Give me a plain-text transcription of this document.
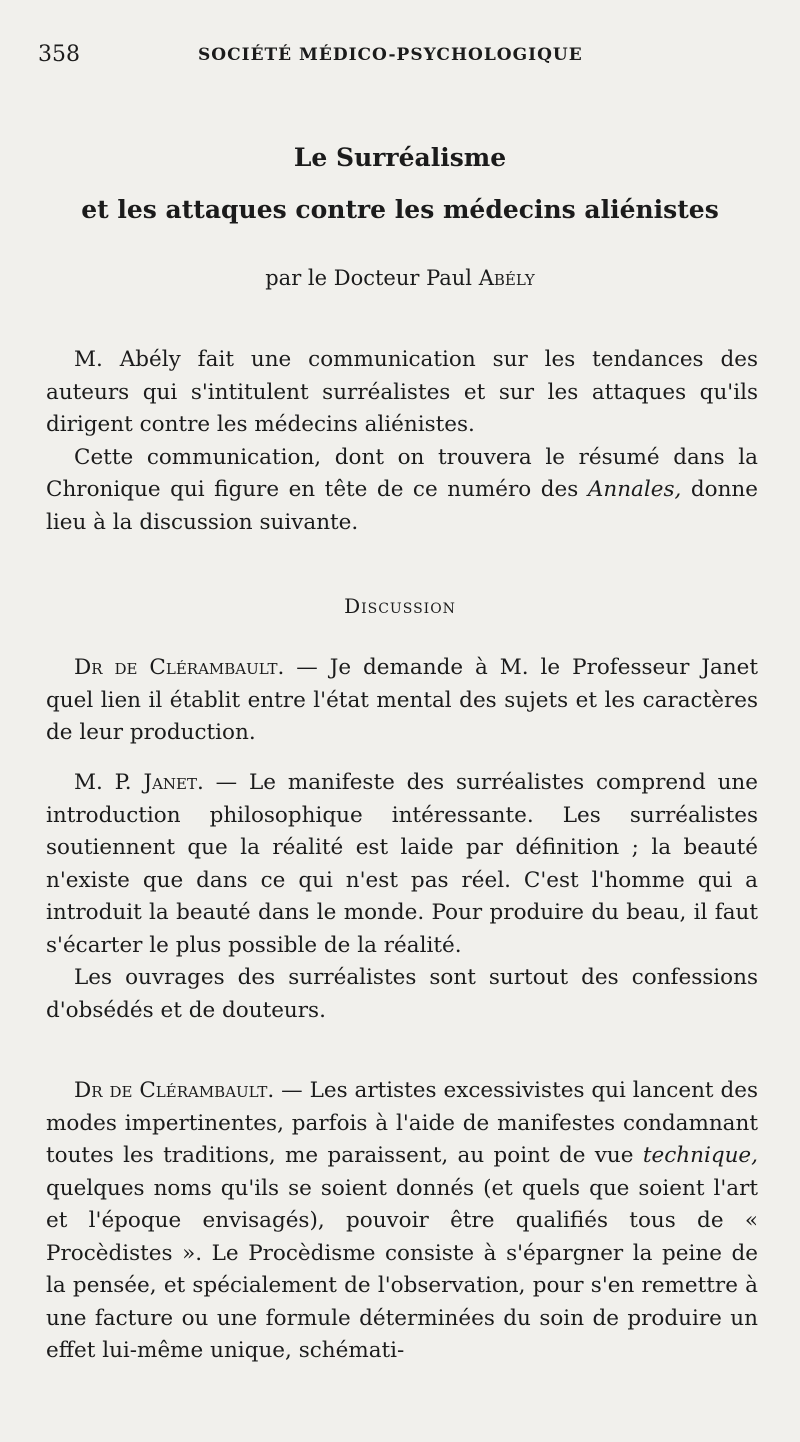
358	SOCIÉTÉ MÉDICO-PSYCHOLOGIQUE
Le Surréalisme
et les attaques contre les médecins aliénistes
par le Docteur Paul Abély

M. Abély fait une communication sur les tendances des auteurs qui s'intitulent surréalistes et sur les attaques qu'ils dirigent contre les médecins aliénistes.

Cette communication, dont on trouvera le résumé dans la Chronique qui figure en tête de ce numéro des Annales, donne lieu à la discussion suivante.

Discussion

Dr de Clérambault. — Je demande à M. le Professeur Janet quel lien il établit entre l'état mental des sujets et les caractères de leur production.

M. P. Janet. — Le manifeste des surréalistes comprend une introduction philosophique intéressante. Les surréalistes soutiennent que la réalité est laide par définition ; la beauté n'existe que dans ce qui n'est pas réel. C'est l'homme qui a introduit la beauté dans le monde. Pour produire du beau, il faut s'écarter le plus possible de la réalité.

Les ouvrages des surréalistes sont surtout des confessions d'obsédés et de douteurs.

Dr de Clérambault. — Les artistes excessivistes qui lancent des modes impertinentes, parfois à l'aide de manifestes condamnant toutes les traditions, me paraissent, au point de vue technique, quelques noms qu'ils se soient donnés (et quels que soient l'art et l'époque envisagés), pouvoir être qualifiés tous de « Procèdistes ». Le Procèdisme consiste à s'épargner la peine de la pensée, et spécialement de l'observation, pour s'en remettre à une facture ou une formule déterminées du soin de produire un effet lui-même unique, schémati-
